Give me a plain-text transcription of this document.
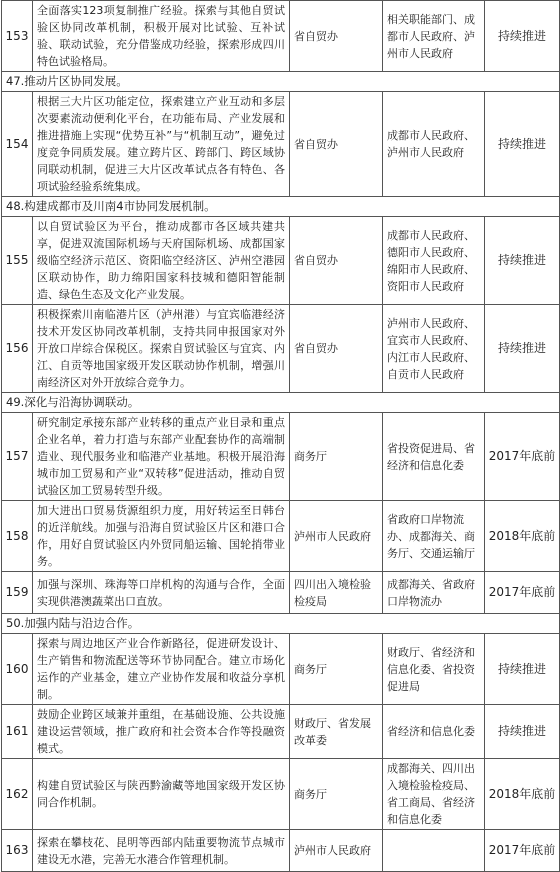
153	全面落实123项复制推广经验。探索与其他自贸试验区协同改革机制，积极开展对比试验、互补试验、联动试验，充分借鉴成功经验，探索形成四川特色试验格局。	省自贸办	相关职能部门、成都市人民政府、泸州市人民政府	持续推进
47.推动片区协同发展。				
154	根据三大片区功能定位，探索建立产业互动和多层次要素流动便利化平台，在功能布局、产业发展和推进措施上实现“优势互补”与“机制互动”，避免过度竞争同质发展。建立跨片区、跨部门、跨区域协同联动机制，促进三大片区改革试点各有特色、各项试验经验系统集成。	省自贸办	成都市人民政府、泸州市人民政府	持续推进
48.构建成都市及川南4市协同发展机制。				
155	以自贸试验区为平台，推动成都市各区域共建共享，促进双流国际机场与天府国际机场、成都国家级临空经济示范区、资阳临空经济区、泸州空港园区联动协作，助力绵阳国家科技城和德阳智能制造、绿色生态及文化产业发展。	省自贸办	成都市人民政府、德阳市人民政府、绵阳市人民政府、资阳市人民政府	持续推进
156	积极探索川南临港片区（泸州港）与宜宾临港经济技术开发区协同改革机制，支持共同申报国家对外开放口岸综合保税区。探索自贸试验区与宜宾、内江、自贡等地国家级开发区联动协作机制，增强川南经济区对外开放综合竞争力。	省自贸办	泸州市人民政府、宜宾市人民政府、内江市人民政府、自贡市人民政府	持续推进
49.深化与沿海协调联动。				
157	研究制定承接东部产业转移的重点产业目录和重点企业名单，着力打造与东部产业配套协作的高端制造业、现代服务业和临港产业基地。积极开展沿海城市加工贸易和产业“双转移”促进活动，推动自贸试验区加工贸易转型升级。	商务厅	省投资促进局、省经济和信息化委	2017年底前
158	加大进出口贸易货源组织力度，用好转运至日韩台的近洋航线。加强与沿海自贸试验区片区和港口合作，用好自贸试验区内外贸同船运输、国轮捎带业务。	泸州市人民政府	省政府口岸物流办、成都海关、商务厅、交通运输厅	2018年底前
159	加强与深圳、珠海等口岸机构的沟通与合作，全面实现供港澳蔬菜出口直放。	四川出入境检验检疫局	成都海关、省政府口岸物流办	2017年底前
50.加强内陆与沿边合作。				
160	探索与周边地区产业合作新路径，促进研发设计、生产销售和物流配送等环节协同配合。建立市场化运作的产业基金，建立产业协作发展和收益分享机制。	商务厅	财政厅、省经济和信息化委、省投资促进局	持续推进
161	鼓励企业跨区域兼并重组，在基础设施、公共设施建设运营领域，推广政府和社会资本合作等投融资模式。	财政厅、省发展改革委	省经济和信息化委	持续推进
162	构建自贸试验区与陕西黔渝藏等地国家级开发区协同合作机制。	商务厅	成都海关、四川出入境检验检疫局、省工商局、省经济和信息化委	2018年底前
163	探索在攀枝花、昆明等西部内陆重要物流节点城市建设无水港，完善无水港合作管理机制。	泸州市人民政府		2017年底前
